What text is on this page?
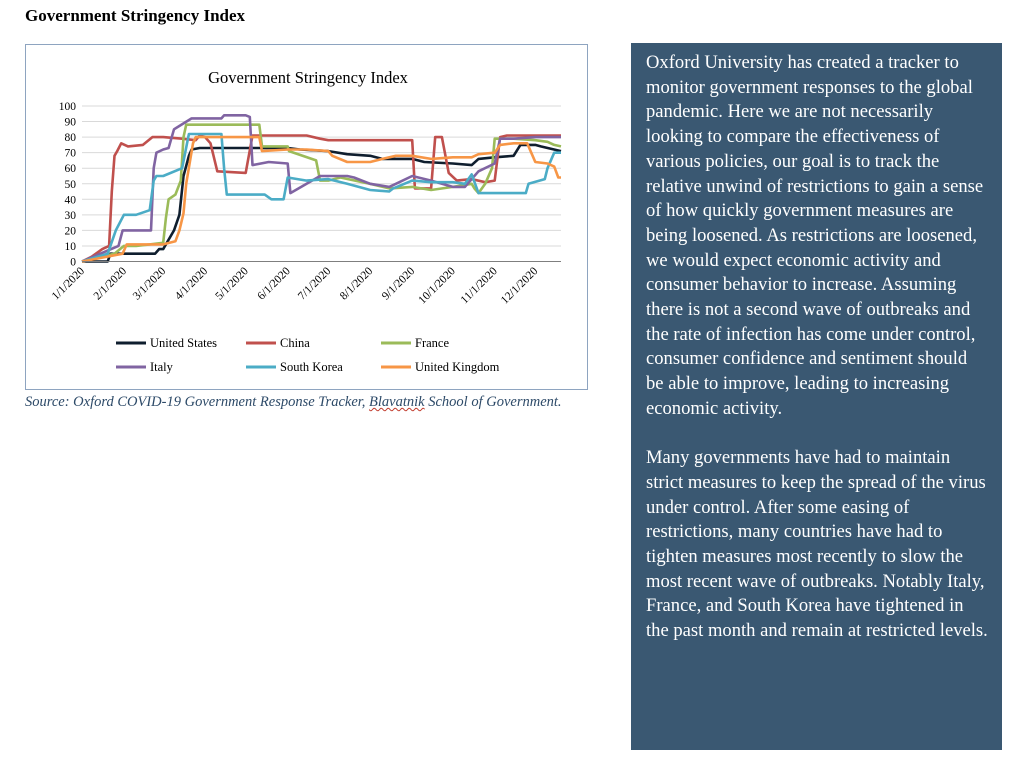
Government Stringency Index
Government Stringency Index
0
10
20
30
40
50
60
70
80
90
100
1/1/2020 2/1/2020 3/1/2020 4/1/2020 5/1/2020 6/1/2020 7/1/2020 8/1/2020 9/1/2020 10/1/2020 11/1/2020 12/1/2020
United States	China	France
Italy	South Korea	United Kingdom
Source: Oxford COVID-19 Government Response Tracker, Blavatnik School of Government.

Oxford University has created a tracker to monitor government responses to the global pandemic. Here we are not necessarily looking to compare the effectiveness of various policies, our goal is to track the relative unwind of restrictions to gain a sense of how quickly government measures are being loosened. As restrictions are loosened, we would expect economic activity and consumer behavior to increase. Assuming there is not a second wave of outbreaks and the rate of infection has come under control, consumer confidence and sentiment should be able to improve, leading to increasing economic activity.

Many governments have had to maintain strict measures to keep the spread of the virus under control. After some easing of restrictions, many countries have had to tighten measures most recently to slow the most recent wave of outbreaks. Notably Italy, France, and South Korea have tightened in the past month and remain at restricted levels.
